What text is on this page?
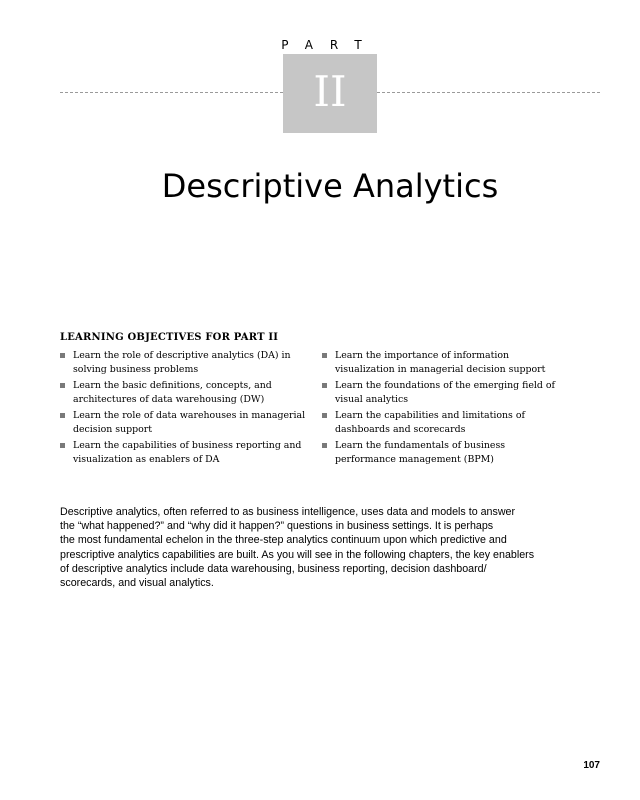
PART
II
Descriptive Analytics
LEARNING OBJECTIVES FOR PART II
Learn the role of descriptive analytics (DA) in solving business problems
Learn the basic definitions, concepts, and architectures of data warehousing (DW)
Learn the role of data warehouses in managerial decision support
Learn the capabilities of business reporting and visualization as enablers of DA
Learn the importance of information visualization in managerial decision support
Learn the foundations of the emerging field of visual analytics
Learn the capabilities and limitations of dashboards and scorecards
Learn the fundamentals of business performance management (BPM)

Descriptive analytics, often referred to as business intelligence, uses data and models to answer
the “what happened?” and “why did it happen?” questions in business settings. It is perhaps
the most fundamental echelon in the three-step analytics continuum upon which predictive and
prescriptive analytics capabilities are built. As you will see in the following chapters, the key enablers
of descriptive analytics include data warehousing, business reporting, decision dashboard/
scorecards, and visual analytics.

107
